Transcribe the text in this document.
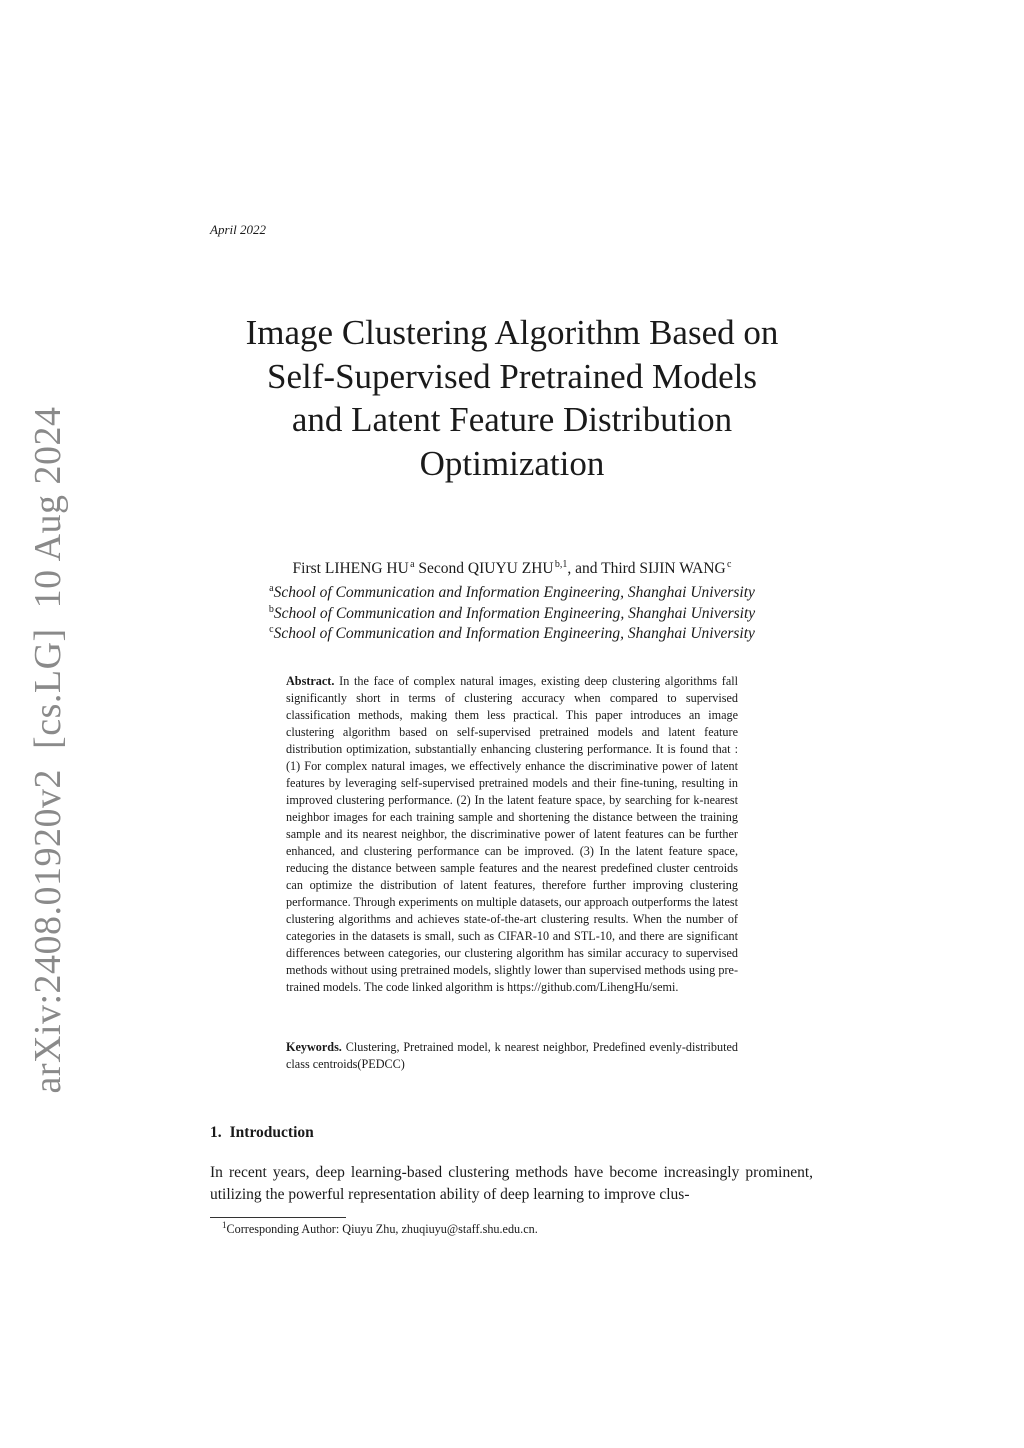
arXiv:2408.01920v2  [cs.LG]  10 Aug 2024
April 2022
Image Clustering Algorithm Based on
Self-Supervised Pretrained Models
and Latent Feature Distribution
Optimization
First LIHENG HU $^a$ Second QIUYU ZHU $^{b,1}$, and Third SIJIN WANG $^c$
$^a$School of Communication and Information Engineering, Shanghai University
$^b$School of Communication and Information Engineering, Shanghai University
$^c$School of Communication and Information Engineering, Shanghai University
Abstract. In the face of complex natural images, existing deep clustering algorithms fall significantly short in terms of clustering accuracy when compared to supervised classification methods, making them less practical. This paper introduces an image clustering algorithm based on self-supervised pretrained models and latent feature distribution optimization, substantially enhancing clustering performance. It is found that : (1) For complex natural images, we effectively enhance the discriminative power of latent features by leveraging self-supervised pretrained models and their fine-tuning, resulting in improved clustering performance. (2) In the latent feature space, by searching for k-nearest neighbor images for each training sample and shortening the distance between the training sample and its nearest neighbor, the discriminative power of latent features can be further enhanced, and clustering performance can be improved. (3) In the latent feature space, reducing the distance between sample features and the nearest predefined cluster centroids can optimize the distribution of latent features, therefore further improving clustering performance. Through experiments on multiple datasets, our approach outperforms the latest clustering algorithms and achieves state-of-the-art clustering results. When the number of categories in the datasets is small, such as CIFAR-10 and STL-10, and there are significant differences between categories, our clustering algorithm has similar accuracy to supervised methods without using pretrained models, slightly lower than supervised methods using pre-trained models. The code linked algorithm is https://github.com/LihengHu/semi.
Keywords. Clustering, Pretrained model, k nearest neighbor, Predefined evenly-distributed class centroids(PEDCC)
1. Introduction
In recent years, deep learning-based clustering methods have become increasingly prominent, utilizing the powerful representation ability of deep learning to improve clus-
$^1$Corresponding Author: Qiuyu Zhu, zhuqiuyu@staff.shu.edu.cn.
